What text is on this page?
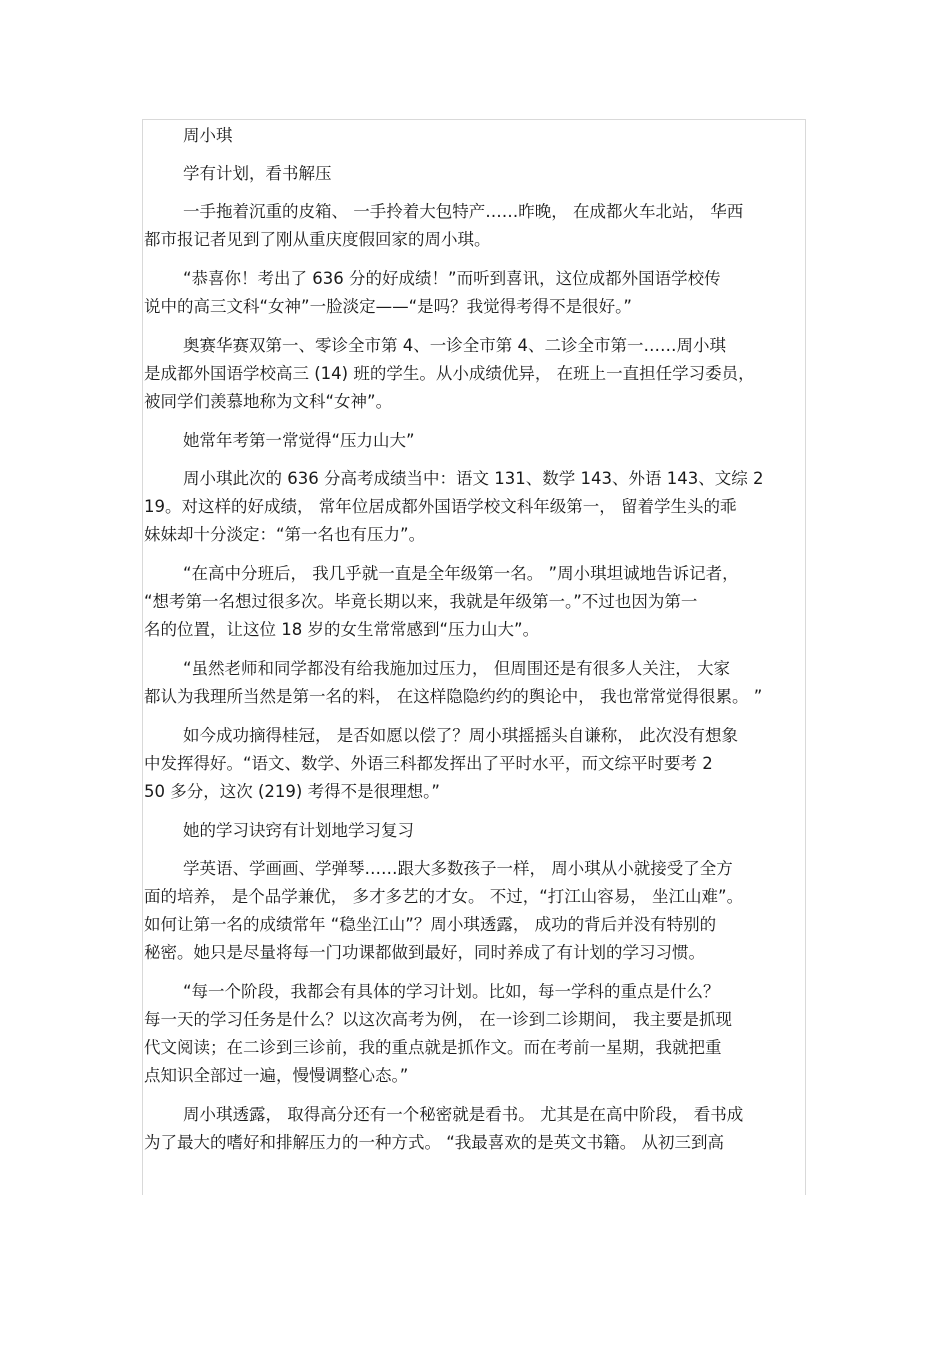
周小琪
学有计划，看书解压
一手拖着沉重的皮箱、 一手拎着大包特产……昨晚， 在成都火车北站， 华西
都市报记者见到了刚从重庆度假回家的周小琪。
“恭喜你！考出了 636 分的好成绩！”而听到喜讯，这位成都外国语学校传
说中的高三文科“女神”一脸淡定——“是吗？我觉得考得不是很好。”
奥赛华赛双第一、零诊全市第 4、一诊全市第 4、二诊全市第一……周小琪
是成都外国语学校高三 (14) 班的学生。从小成绩优异， 在班上一直担任学习委员，
被同学们羡慕地称为文科“女神”。
她常年考第一常觉得“压力山大”
周小琪此次的 636 分高考成绩当中：语文 131、数学 143、外语 143、文综 2
19。对这样的好成绩， 常年位居成都外国语学校文科年级第一， 留着学生头的乖
妹妹却十分淡定：“第一名也有压力”。
“在高中分班后， 我几乎就一直是全年级第一名。 ”周小琪坦诚地告诉记者，
“想考第一名想过很多次。毕竟长期以来，我就是年级第一。”不过也因为第一
名的位置，让这位 18 岁的女生常常感到“压力山大”。
“虽然老师和同学都没有给我施加过压力， 但周围还是有很多人关注， 大家
都认为我理所当然是第一名的料， 在这样隐隐约约的舆论中， 我也常常觉得很累。 ”
如今成功摘得桂冠， 是否如愿以偿了？周小琪摇摇头自谦称， 此次没有想象
中发挥得好。“语文、数学、外语三科都发挥出了平时水平，而文综平时要考 2
50 多分，这次 (219) 考得不是很理想。”
她的学习诀窍有计划地学习复习
学英语、学画画、学弹琴……跟大多数孩子一样， 周小琪从小就接受了全方
面的培养， 是个品学兼优， 多才多艺的才女。 不过，“打江山容易， 坐江山难”。
如何让第一名的成绩常年 “稳坐江山”？周小琪透露， 成功的背后并没有特别的
秘密。她只是尽量将每一门功课都做到最好，同时养成了有计划的学习习惯。
“每一个阶段，我都会有具体的学习计划。比如，每一学科的重点是什么？
每一天的学习任务是什么？以这次高考为例， 在一诊到二诊期间， 我主要是抓现
代文阅读；在二诊到三诊前，我的重点就是抓作文。而在考前一星期，我就把重
点知识全部过一遍，慢慢调整心态。”
周小琪透露， 取得高分还有一个秘密就是看书。 尤其是在高中阶段， 看书成
为了最大的嗜好和排解压力的一种方式。 “我最喜欢的是英文书籍。 从初三到高
